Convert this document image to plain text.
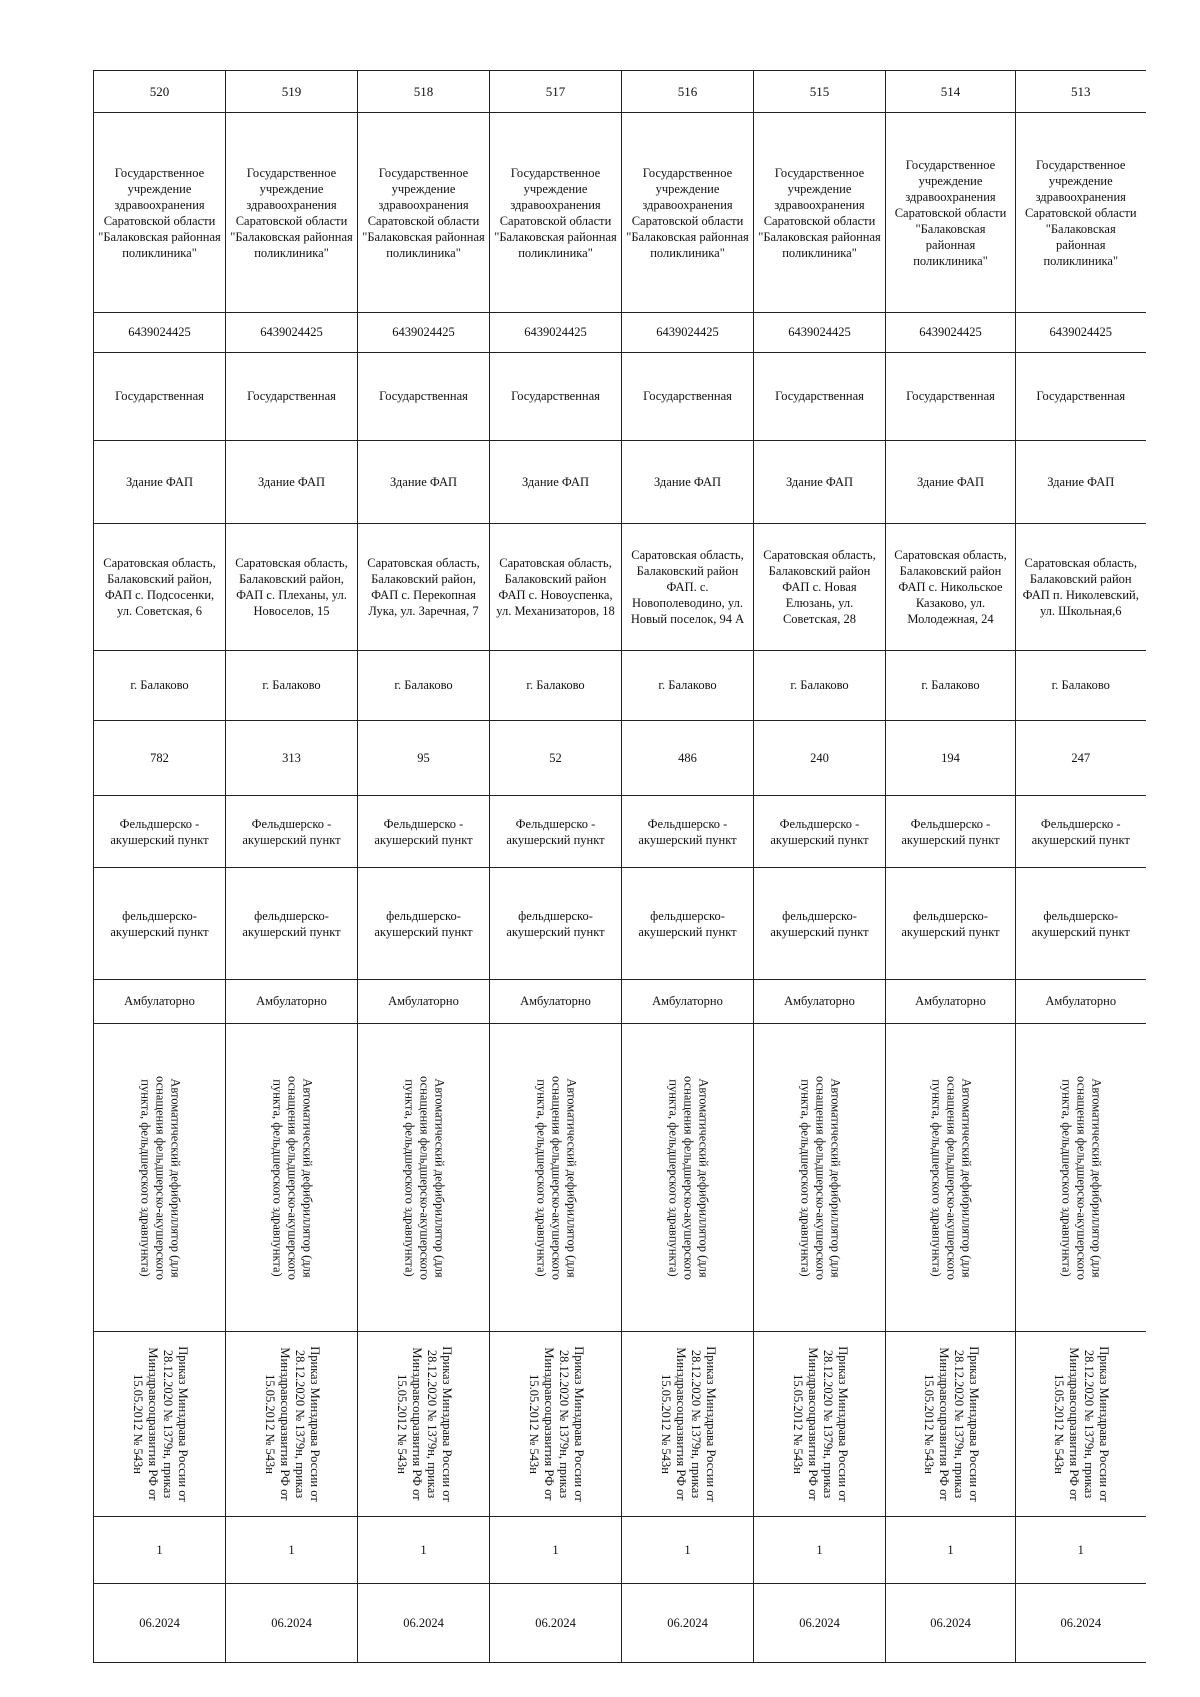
520	519	518	517	516	515	514	513
Государственное учреждение здравоохранения Саратовской области "Балаковская районная поликлиника"	Государственное учреждение здравоохранения Саратовской области "Балаковская районная поликлиника"	Государственное учреждение здравоохранения Саратовской области "Балаковская районная поликлиника"	Государственное учреждение здравоохранения Саратовской области "Балаковская районная поликлиника"	Государственное учреждение здравоохранения Саратовской области "Балаковская районная поликлиника"	Государственное учреждение здравоохранения Саратовской области "Балаковская районная поликлиника"	Государственное учреждение здравоохранения Саратовской области "Балаковская районная поликлиника"	Государственное учреждение здравоохранения Саратовской области "Балаковская районная поликлиника"
6439024425	6439024425	6439024425	6439024425	6439024425	6439024425	6439024425	6439024425
Государственная	Государственная	Государственная	Государственная	Государственная	Государственная	Государственная	Государственная
Здание ФАП	Здание ФАП	Здание ФАП	Здание ФАП	Здание ФАП	Здание ФАП	Здание ФАП	Здание ФАП
Саратовская область, Балаковский район, ФАП с. Подсосенки, ул. Советская, 6	Саратовская область, Балаковский район, ФАП с. Плеханы, ул. Новоселов, 15	Саратовская область, Балаковский район, ФАП с. Перекопная Лука, ул. Заречная, 7	Саратовская область, Балаковский район ФАП с. Новоуспенка, ул. Механизаторов, 18	Саратовская область, Балаковский район ФАП. с. Новополеводино, ул. Новый поселок, 94 А	Саратовская область, Балаковский район ФАП с. Новая Елюзань, ул. Советская, 28	Саратовская область, Балаковский район ФАП с. Никольское Казаково, ул. Молодежная, 24	Саратовская область, Балаковский район ФАП п. Николевский, ул. Школьная,6
г. Балаково	г. Балаково	г. Балаково	г. Балаково	г. Балаково	г. Балаково	г. Балаково	г. Балаково
782	313	95	52	486	240	194	247
Фельдшерско - акушерский пункт	Фельдшерско - акушерский пункт	Фельдшерско - акушерский пункт	Фельдшерско - акушерский пункт	Фельдшерско - акушерский пункт	Фельдшерско - акушерский пункт	Фельдшерско - акушерский пункт	Фельдшерско - акушерский пункт
фельдшерско-акушерский пункт	фельдшерско-акушерский пункт	фельдшерско-акушерский пункт	фельдшерско-акушерский пункт	фельдшерско-акушерский пункт	фельдшерско-акушерский пункт	фельдшерско-акушерский пункт	фельдшерско-акушерский пункт
Амбулаторно	Амбулаторно	Амбулаторно	Амбулаторно	Амбулаторно	Амбулаторно	Амбулаторно	Амбулаторно

Автоматический дефибриллятор (для оснащения фельдшерско-акушерского пункта, фельдшерского здравпункта)	Автоматический дефибриллятор (для оснащения фельдшерско-акушерского пункта, фельдшерского здравпункта)	Автоматический дефибриллятор (для оснащения фельдшерско-акушерского пункта, фельдшерского здравпункта)	Автоматический дефибриллятор (для оснащения фельдшерско-акушерского пункта, фельдшерского здравпункта)	Автоматический дефибриллятор (для оснащения фельдшерско-акушерского пункта, фельдшерского здравпункта)	Автоматический дефибриллятор (для оснащения фельдшерско-акушерского пункта, фельдшерского здравпункта)	Автоматический дефибриллятор (для оснащения фельдшерско-акушерского пункта, фельдшерского здравпункта)	Автоматический дефибриллятор (для оснащения фельдшерско-акушерского пункта, фельдшерского здравпункта)

Приказ Минздрава России от 28.12.2020 № 1379н, приказ Минздравсоцразвития РФ от 15.05.2012 № 543н	Приказ Минздрава России от 28.12.2020 № 1379н, приказ Минздравсоцразвития РФ от 15.05.2012 № 543н	Приказ Минздрава России от 28.12.2020 № 1379н, приказ Минздравсоцразвития РФ от 15.05.2012 № 543н	Приказ Минздрава России от 28.12.2020 № 1379н, приказ Минздравсоцразвития РФ от 15.05.2012 № 543н	Приказ Минздрава России от 28.12.2020 № 1379н, приказ Минздравсоцразвития РФ от 15.05.2012 № 543н	Приказ Минздрава России от 28.12.2020 № 1379н, приказ Минздравсоцразвития РФ от 15.05.2012 № 543н	Приказ Минздрава России от 28.12.2020 № 1379н, приказ Минздравсоцразвития РФ от 15.05.2012 № 543н	Приказ Минздрава России от 28.12.2020 № 1379н, приказ Минздравсоцразвития РФ от 15.05.2012 № 543н

1	1	1	1	1	1	1	1
06.2024	06.2024	06.2024	06.2024	06.2024	06.2024	06.2024	06.2024
